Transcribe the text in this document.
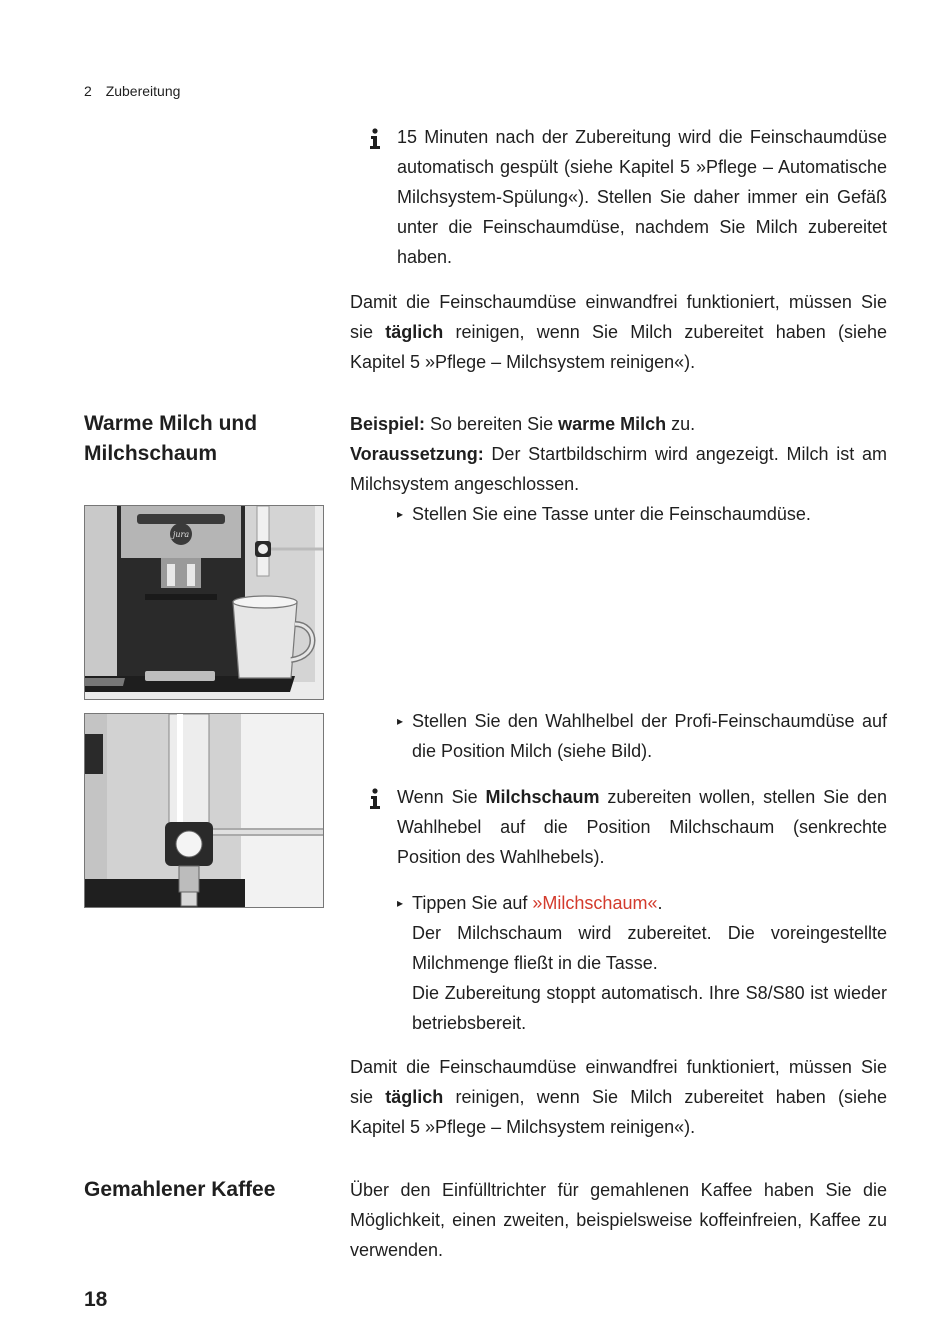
2 Zubereitung
15 Minuten nach der Zubereitung wird die Feinschaumdüse automatisch gespült (siehe Kapitel 5 »Pflege – Automatische Milchsystem-Spülung«). Stellen Sie daher immer ein Gefäß unter die Feinschaumdüse, nachdem Sie Milch zubereitet haben.
Damit die Feinschaumdüse einwandfrei funktioniert, müssen Sie sie täglich reinigen, wenn Sie Milch zubereitet haben (siehe Kapitel 5 »Pflege – Milchsystem reinigen«).
Warme Milch und Milchschaum
Beispiel: So bereiten Sie warme Milch zu.
Voraussetzung: Der Startbildschirm wird angezeigt. Milch ist am Milchsystem angeschlossen.
▸ Stellen Sie eine Tasse unter die Feinschaumdüse.
jura
▸ Stellen Sie den Wahlhelbel der Profi-Feinschaumdüse auf die Position Milch (siehe Bild).
Wenn Sie Milchschaum zubereiten wollen, stellen Sie den Wahlhebel auf die Position Milchschaum (senkrechte Position des Wahlhebels).
▸ Tippen Sie auf »Milchschaum«.
Der Milchschaum wird zubereitet. Die voreingestellte Milchmenge fließt in die Tasse.
Die Zubereitung stoppt automatisch. Ihre S8/S80 ist wieder betriebsbereit.
Damit die Feinschaumdüse einwandfrei funktioniert, müssen Sie sie täglich reinigen, wenn Sie Milch zubereitet haben (siehe Kapitel 5 »Pflege – Milchsystem reinigen«).
Gemahlener Kaffee	Über den Einfülltrichter für gemahlenen Kaffee haben Sie die Möglichkeit, einen zweiten, beispielsweise koffeinfreien, Kaffee zu verwenden.
18
